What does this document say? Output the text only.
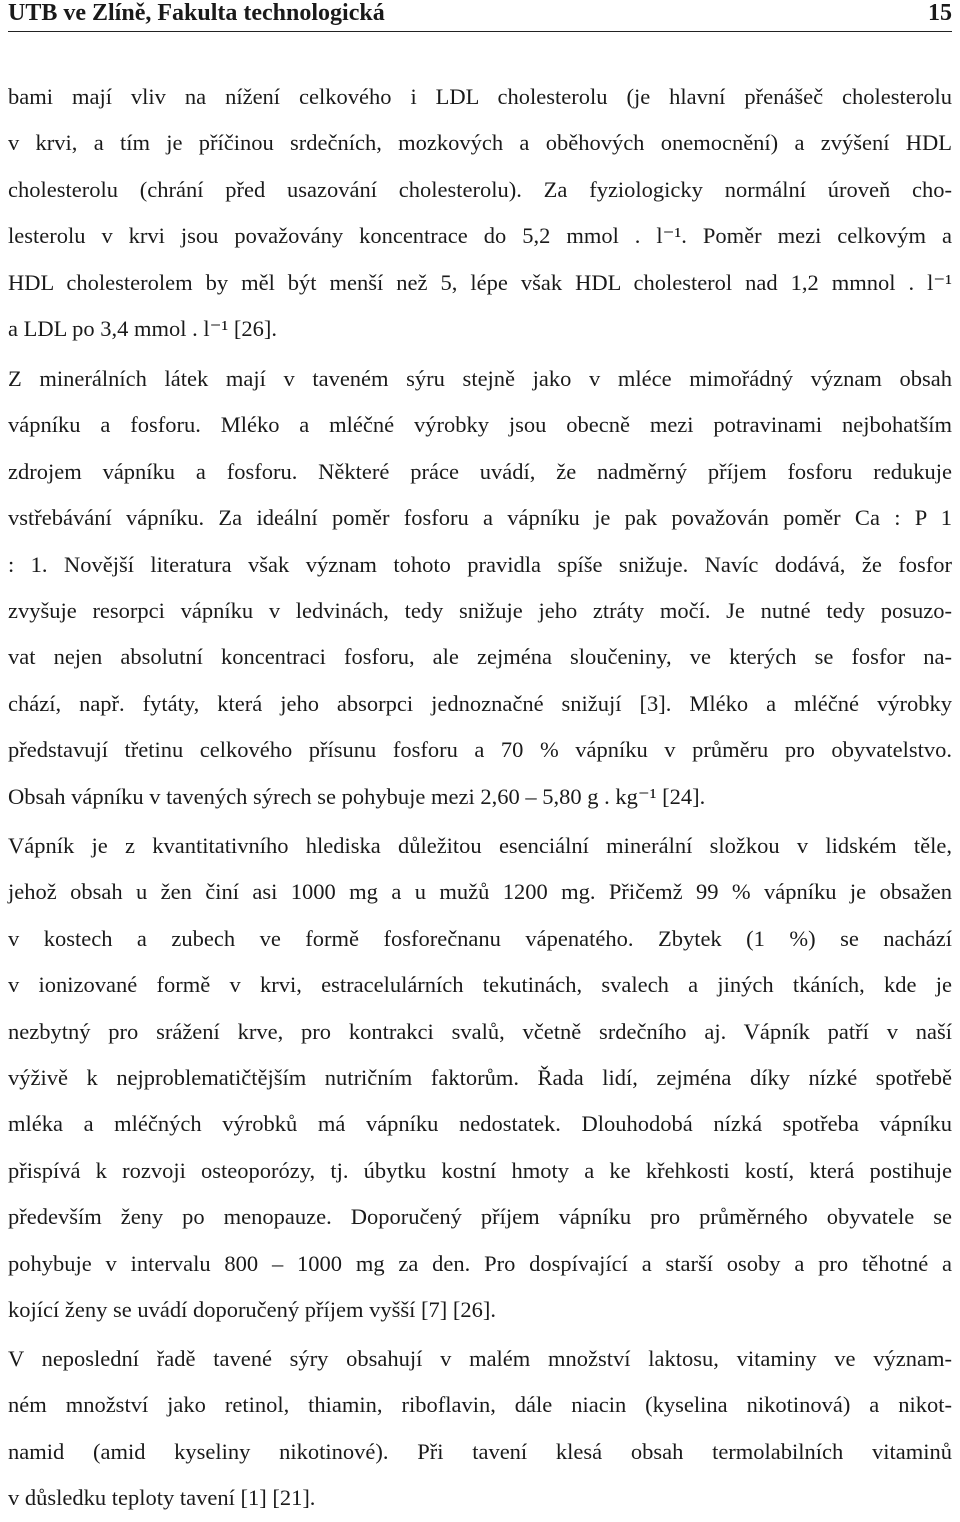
UTB ve Zlíně, Fakulta technologická	15
bami mají vliv na nížení celkového i LDL cholesterolu (je hlavní přenášeč cholesterolu
v krvi, a tím je příčinou srdečních, mozkových a oběhových onemocnění) a zvýšení HDL
cholesterolu (chrání před usazování cholesterolu). Za fyziologicky normální úroveň cho-
lesterolu v krvi jsou považovány koncentrace do 5,2 mmol . l⁻¹. Poměr mezi celkovým a
HDL cholesterolem by měl být menší než 5, lépe však HDL cholesterol nad 1,2 mmnol . l⁻¹
a LDL po 3,4 mmol . l⁻¹ [26].
Z minerálních látek mají v taveném sýru stejně jako v mléce mimořádný význam obsah
vápníku a fosforu. Mléko a mléčné výrobky jsou obecně mezi potravinami nejbohatším
zdrojem vápníku a fosforu. Některé práce uvádí, že nadměrný příjem fosforu redukuje
vstřebávání vápníku. Za ideální poměr fosforu a vápníku je pak považován poměr Ca : P 1
: 1. Novější literatura však význam tohoto pravidla spíše snižuje. Navíc dodává, že fosfor
zvyšuje resorpci vápníku v ledvinách, tedy snižuje jeho ztráty močí. Je nutné tedy posuzo-
vat nejen absolutní koncentraci fosforu, ale zejména sloučeniny, ve kterých se fosfor na-
chází, např. fytáty, která jeho absorpci jednoznačné snižují [3]. Mléko a mléčné výrobky
představují třetinu celkového přísunu fosforu a 70 % vápníku v průměru pro obyvatelstvo.
Obsah vápníku v tavených sýrech se pohybuje mezi 2,60 – 5,80 g . kg⁻¹ [24].
Vápník je z kvantitativního hlediska důležitou esenciální minerální složkou v lidském těle,
jehož obsah u žen činí asi 1000 mg a u mužů 1200 mg. Přičemž 99 % vápníku je obsažen
v kostech a zubech ve formě fosforečnanu vápenatého. Zbytek (1 %) se nachází
v ionizované formě v krvi, estracelulárních tekutinách, svalech a jiných tkáních, kde je
nezbytný pro srážení krve, pro kontrakci svalů, včetně srdečního aj. Vápník patří v naší
výživě k nejproblematičtějším nutričním faktorům. Řada lidí, zejména díky nízké spotřebě
mléka a mléčných výrobků má vápníku nedostatek. Dlouhodobá nízká spotřeba vápníku
přispívá k rozvoji osteoporózy, tj. úbytku kostní hmoty a ke křehkosti kostí, která postihuje
především ženy po menopauze. Doporučený příjem vápníku pro průměrného obyvatele se
pohybuje v intervalu 800 – 1000 mg za den. Pro dospívající a starší osoby a pro těhotné a
kojící ženy se uvádí doporučený příjem vyšší [7] [26].
V neposlední řadě tavené sýry obsahují v malém množství laktosu, vitaminy ve význam-
ném množství jako retinol, thiamin, riboflavin, dále niacin (kyselina nikotinová) a nikot-
namid (amid kyseliny nikotinové). Při tavení klesá obsah termolabilních vitaminů
v důsledku teploty tavení [1] [21].
